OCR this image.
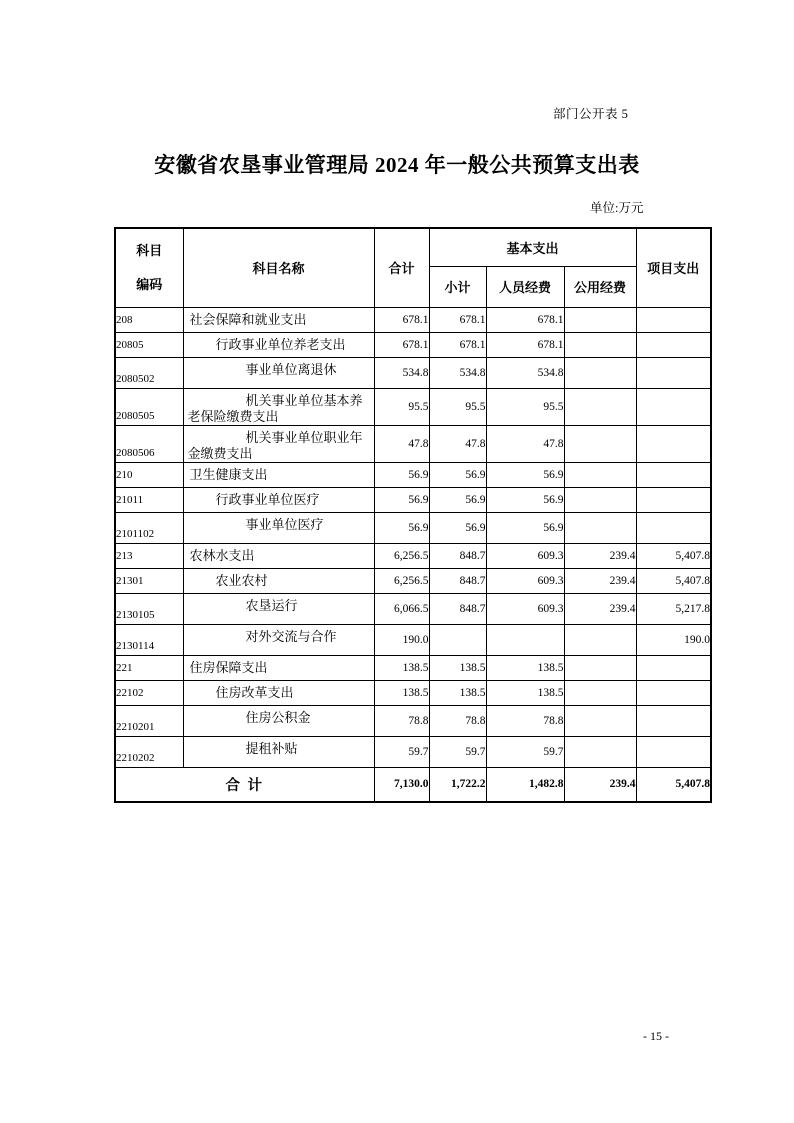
部门公开表 5
安徽省农垦事业管理局 2024 年一般公共预算支出表
单位:万元
科目
编码	科目名称	合计	基本支出			项目支出
			小计	人员经费	公用经费	
208	社会保障和就业支出	678.1	678.1	678.1		
20805	行政事业单位养老支出	678.1	678.1	678.1		
2080502	事业单位离退休	534.8	534.8	534.8		
2080505	机关事业单位基本养老保险缴费支出	95.5	95.5	95.5		
2080506	机关事业单位职业年金缴费支出	47.8	47.8	47.8		
210	卫生健康支出	56.9	56.9	56.9		
21011	行政事业单位医疗	56.9	56.9	56.9		
2101102	事业单位医疗	56.9	56.9	56.9		
213	农林水支出	6,256.5	848.7	609.3	239.4	5,407.8
21301	农业农村	6,256.5	848.7	609.3	239.4	5,407.8
2130105	农垦运行	6,066.5	848.7	609.3	239.4	5,217.8
2130114	对外交流与合作	190.0				190.0
221	住房保障支出	138.5	138.5	138.5		
22102	住房改革支出	138.5	138.5	138.5		
2210201	住房公积金	78.8	78.8	78.8		
2210202	提租补贴	59.7	59.7	59.7		
合 计		7,130.0	1,722.2	1,482.8	239.4	5,407.8
- 15 -
